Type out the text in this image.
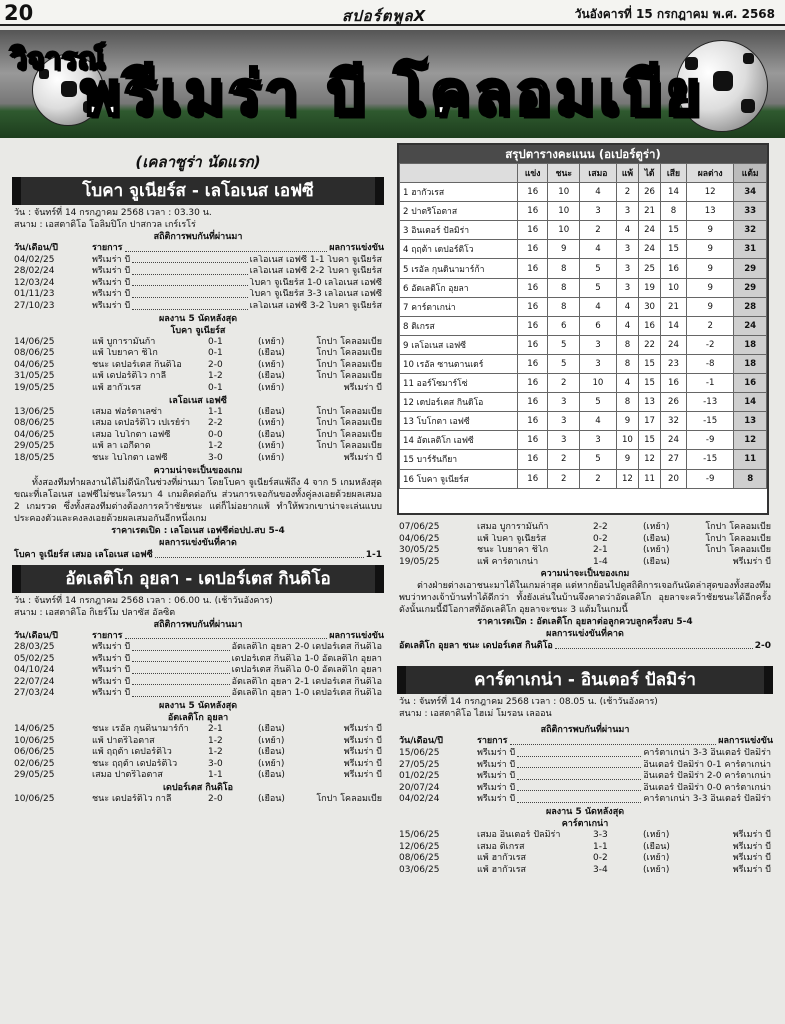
20	สปอร์ตพูลX	วันอังคารที่ 15 กรกฎาคม พ.ศ. 2568
วิจารณ์
พรีเมร่า บี โคลอมเบีย
(เคลาซูร่า นัดแรก)
โบคา จูเนียร์ส - เลโอเนส เอฟซี
วัน : จันทร์ที่ 14 กรกฎาคม 2568 เวลา : 03.30 น.
สนาม : เอสตาดิโอ โอลิมปิโก ปาสกวล เกร์เรโร่
สถิติการพบกันที่ผ่านมา
วัน/เดือน/ปี	รายการ	ผลการแข่งขัน
04/02/25	พรีเมร่า บี	เลโอเนส เอฟซี 1-1 โบคา จูเนียร์ส
28/02/24	พรีเมร่า บี	เลโอเนส เอฟซี 2-2 โบคา จูเนียร์ส
12/03/24	พรีเมร่า บี	โบคา จูเนียร์ส 1-0 เลโอเนส เอฟซี
01/11/23	พรีเมร่า บี	โบคา จูเนียร์ส 3-3 เลโอเนส เอฟซี
27/10/23	พรีเมร่า บี	เลโอเนส เอฟซี 3-2 โบคา จูเนียร์ส
ผลงาน 5 นัดหลังสุด
โบคา จูเนียร์ส
14/06/25	แพ้ บูการามันก้า	0-1	(เหย้า)	โกปา โคลอมเบีย
08/06/25	แพ้ โบยาคา ชิโก	0-1	(เยือน)	โกปา โคลอมเบีย
04/06/25	ชนะ เดปอร์เตส กินดิโอ	2-0	(เหย้า)	โกปา โคลอมเบีย
31/05/25	แพ้ เดปอร์ติโว กาลี	1-2	(เยือน)	โกปา โคลอมเบีย
19/05/25	แพ้ ฮากัวเรส	0-1	(เหย้า)	พรีเมร่า บี
เลโอเนส เอฟซี
13/06/25	เสมอ ฟอร์ตาเลซ่า	1-1	(เยือน)	โกปา โคลอมเบีย
08/06/25	เสมอ เดปอร์ติโว เปเรย์ร่า	2-2	(เหย้า)	โกปา โคลอมเบีย
04/06/25	เสมอ โบโกตา เอฟซี	0-0	(เยือน)	โกปา โคลอมเบีย
29/05/25	แพ้ ลา เอกีดาด	1-2	(เหย้า)	โกปา โคลอมเบีย
18/05/25	ชนะ โบโกตา เอฟซี	3-0	(เหย้า)	พรีเมร่า บี
ความน่าจะเป็นของเกม
ทั้งสองทีมทำผลงานได้ไม่ดีนักในช่วงที่ผ่านมา โดยโบคา จูเนียร์สแพ้ถึง 4 จาก 5 เกมหลังสุด ขณะที่เลโอเนส เอฟซีไม่ชนะใครมา 4 เกมติดต่อกัน ส่วนการเจอกันของทั้งคู่ลงเอยด้วยผลเสมอ 2 เกมรวด ซึ่งทั้งสองทีมต่างต้องการคว้าชัยชนะ แต่ก็ไม่อยากแพ้ ทำให้พวกเขาน่าจะเล่นแบบประคองตัวและคงลงเอยด้วยผลเสมอกันอีกหนึ่งเกม
ราคาเรตเปิด : เลโอเนส เอฟซีต่อปป.สบ 5-4
ผลการแข่งขันที่คาด
โบคา จูเนียร์ส เสมอ เลโอเนส เอฟซี	1-1
อัตเลติโก อุยลา - เดปอร์เตส กินดิโอ
วัน : จันทร์ที่ 14 กรกฎาคม 2568 เวลา : 06.00 น. (เช้าวันอังคาร)
สนาม : เอสตาดิโอ กิเยร์โม ปลาซัส อัลซิต
สถิติการพบกันที่ผ่านมา
วัน/เดือน/ปี	รายการ	ผลการแข่งขัน
28/03/25	พรีเมร่า บี	อัตเลติโก อุยลา 2-0 เดปอร์เตส กินดิโอ
05/02/25	พรีเมร่า บี	เดปอร์เตส กินดิโอ 1-0 อัตเลติโก อุยลา
04/10/24	พรีเมร่า บี	เดปอร์เตส กินดิโอ 0-0 อัตเลติโก อุยลา
22/07/24	พรีเมร่า บี	อัตเลติโก อุยลา 2-1 เดปอร์เตส กินดิโอ
27/03/24	พรีเมร่า บี	อัตเลติโก อุยลา 1-0 เดปอร์เตส กินดิโอ
ผลงาน 5 นัดหลังสุด
อัตเลติโก อุยลา
14/06/25	ชนะ เรอัล กุนดินามาร์ก้า	2-1	(เยือน)	พรีเมร่า บี
10/06/25	แพ้ ปาตริโอตาส	1-2	(เหย้า)	พรีเมร่า บี
06/06/25	แพ้ ฤฤต้า เดปอร์ติโว	1-2	(เยือน)	พรีเมร่า บี
02/06/25	ชนะ ฤฤต้า เดปอร์ติโว	3-0	(เหย้า)	พรีเมร่า บี
29/05/25	เสมอ ปาตริโอตาส	1-1	(เยือน)	พรีเมร่า บี
เดปอร์เตส กินดิโอ
10/06/25	ชนะ เดปอร์ติโว กาลี	2-0	(เยือน)	โกปา โคลอมเบีย
สรุปตารางคะแนน (อเปอร์ตูร่า)
	แข่ง	ชนะ	เสมอ	แพ้	ได้	เสีย	ผลต่าง	แต้ม
1 ฮากัวเรส	16	10	4	2	26	14	12	34
2 ปาตริโอตาส	16	10	3	3	21	8	13	33
3 อินเตอร์ ปัลมิร่า	16	10	2	4	24	15	9	32
4 ฤฤต้า เดปอร์ติโว	16	9	4	3	24	15	9	31
5 เรอัล กุนดินามาร์ก้า	16	8	5	3	25	16	9	29
6 อัตเลติโก อุยลา	16	8	5	3	19	10	9	29
7 คาร์ตาเกน่า	16	8	4	4	30	21	9	28
8 ติเกรส	16	6	6	4	16	14	2	24
9 เลโอเนส เอฟซี	16	5	3	8	22	24	-2	18
10 เรอัล ซานตานเดร์	16	5	3	8	15	23	-8	18
11 ออร์โซมาร์โซ่	16	2	10	4	15	16	-1	16
12 เดปอร์เตส กินดิโอ	16	3	5	8	13	26	-13	14
13 โบโกตา เอฟซี	16	3	4	9	17	32	-15	13
14 อัตเลติโก เอฟซี	16	3	3	10	15	24	-9	12
15 บาร์รันกียา	16	2	5	9	12	27	-15	11
16 โบคา จูเนียร์ส	16	2	2	12	11	20	-9	8
07/06/25	เสมอ บูการามันก้า	2-2	(เหย้า)	โกปา โคลอมเบีย
04/06/25	แพ้ โบคา จูเนียร์ส	0-2	(เยือน)	โกปา โคลอมเบีย
30/05/25	ชนะ โบยาคา ชิโก	2-1	(เหย้า)	โกปา โคลอมเบีย
19/05/25	แพ้ คาร์ตาเกน่า	1-4	(เยือน)	พรีเมร่า บี
ความน่าจะเป็นของเกม
ต่างฝ่ายต่างเอาชนะมาได้ในเกมล่าสุด แต่หากย้อนไปดูสถิติการเจอกันนัดล่าสุดของทั้งสองทีมพบว่าทางเจ้าบ้านทำได้ดีกว่า ทั้งยังเล่นในบ้านจึงคาดว่าอัตเลติโก อุยลาจะคว้าชัยชนะได้อีกครั้ง ดังนั้นเกมนี้มีโอกาสที่อัตเลติโก อุยลาจะชนะ 3 แต้มในเกมนี้
ราคาเรตเปิด : อัตเลติโก อุยลาต่อลูกควบลูกครึ่งสบ 5-4
ผลการแข่งขันที่คาด
อัตเลติโก อุยลา ชนะ เดปอร์เตส กินดิโอ	2-0
คาร์ตาเกน่า - อินเตอร์ ปัลมิร่า
วัน : จันทร์ที่ 14 กรกฎาคม 2568 เวลา : 08.05 น. (เช้าวันอังคาร)
สนาม : เอสตาดิโอ ไฮเม่ โมรอน เลออน
สถิติการพบกันที่ผ่านมา
วัน/เดือน/ปี	รายการ	ผลการแข่งขัน
15/06/25	พรีเมร่า บี	คาร์ตาเกน่า 3-3 อินเตอร์ ปัลมิร่า
27/05/25	พรีเมร่า บี	อินเตอร์ ปัลมิร่า 0-1 คาร์ตาเกน่า
01/02/25	พรีเมร่า บี	อินเตอร์ ปัลมิร่า 2-0 คาร์ตาเกน่า
20/07/24	พรีเมร่า บี	อินเตอร์ ปัลมิร่า 0-0 คาร์ตาเกน่า
04/02/24	พรีเมร่า บี	คาร์ตาเกน่า 3-3 อินเตอร์ ปัลมิร่า
ผลงาน 5 นัดหลังสุด
คาร์ตาเกน่า
15/06/25	เสมอ อินเตอร์ ปัลมิร่า	3-3	(เหย้า)	พรีเมร่า บี
12/06/25	เสมอ ติเกรส	1-1	(เยือน)	พรีเมร่า บี
08/06/25	แพ้ ฮากัวเรส	0-2	(เหย้า)	พรีเมร่า บี
03/06/25	แพ้ ฮากัวเรส	3-4	(เหย้า)	พรีเมร่า บี
